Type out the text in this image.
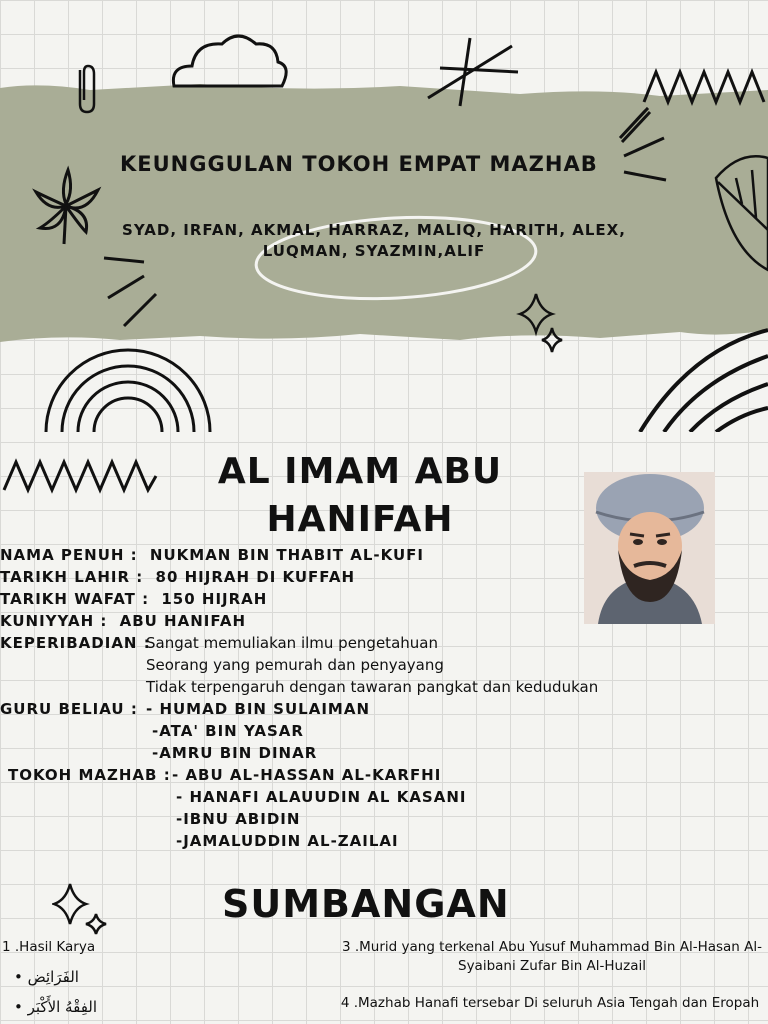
KEUNGGULAN TOKOH EMPAT MAZHAB
SYAD, IRFAN, AKMAL, HARRAZ, MALIQ, HARITH, ALEX, LUQMAN, SYAZMIN,ALIF
AL IMAM ABU HANIFAH
NAMA PENUH : NUKMAN BIN THABIT AL-KUFI
TARIKH LAHIR : 80 HIJRAH DI KUFFAH
TARIKH WAFAT : 150 HIJRAH
KUNIYYAH : ABU HANIFAH
KEPERIBADIAN :
Sangat memuliakan ilmu pengetahuan
Seorang yang pemurah dan penyayang
Tidak terpengaruh dengan tawaran pangkat dan kedudukan
GURU BELIAU : - HUMAD BIN SULAIMAN
-ATA' BIN YASAR
-AMRU BIN DINAR
TOKOH MAZHAB : - ABU AL-HASSAN AL-KARFHI
- HANAFI ALAUUDIN AL KASANI
-IBNU ABIDIN
-JAMALUDDIN AL-ZAILAI
SUMBANGAN
1 .Hasil Karya
• الفَرَائِض
• الفِقْهُ الأَكْبَر
3 .Murid yang terkenal Abu Yusuf Muhammad Bin Al-Hasan Al-Syaibani Zufar Bin Al-Huzail
4 .Mazhab Hanafi tersebar Di seluruh Asia Tengah dan Eropah
